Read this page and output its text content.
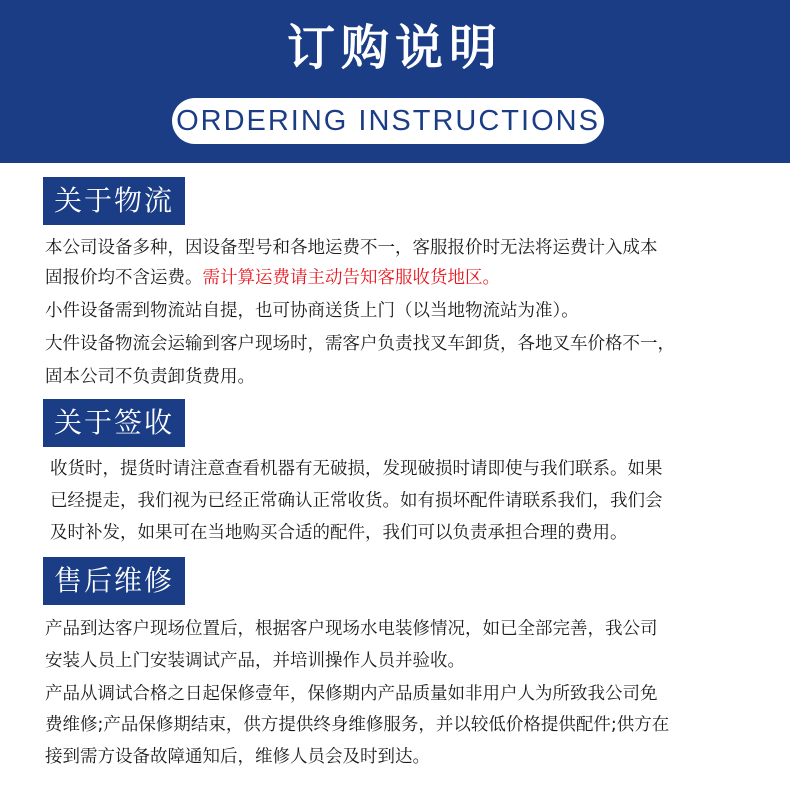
订购说明
ORDERING INSTRUCTIONS
关于物流

本公司设备多种，因设备型号和各地运费不一，客服报价时无法将运费计入成本

固报价均不含运费。需计算运费请主动告知客服收货地区。

小件设备需到物流站自提，也可协商送货上门（以当地物流站为准）。

大件设备物流会运输到客户现场时，需客户负责找叉车卸货，各地叉车价格不一，

固本公司不负责卸货费用。

关于签收

收货时，提货时请注意查看机器有无破损，发现破损时请即使与我们联系。如果

已经提走，我们视为已经正常确认正常收货。如有损坏配件请联系我们，我们会

及时补发，如果可在当地购买合适的配件，我们可以负责承担合理的费用。

售后维修

产品到达客户现场位置后，根据客户现场水电装修情况，如已全部完善，我公司

安装人员上门安装调试产品，并培训操作人员并验收。

产品从调试合格之日起保修壹年，保修期内产品质量如非用户人为所致我公司免

费维修;产品保修期结束，供方提供终身维修服务，并以较低价格提供配件;供方在

接到需方设备故障通知后，维修人员会及时到达。
